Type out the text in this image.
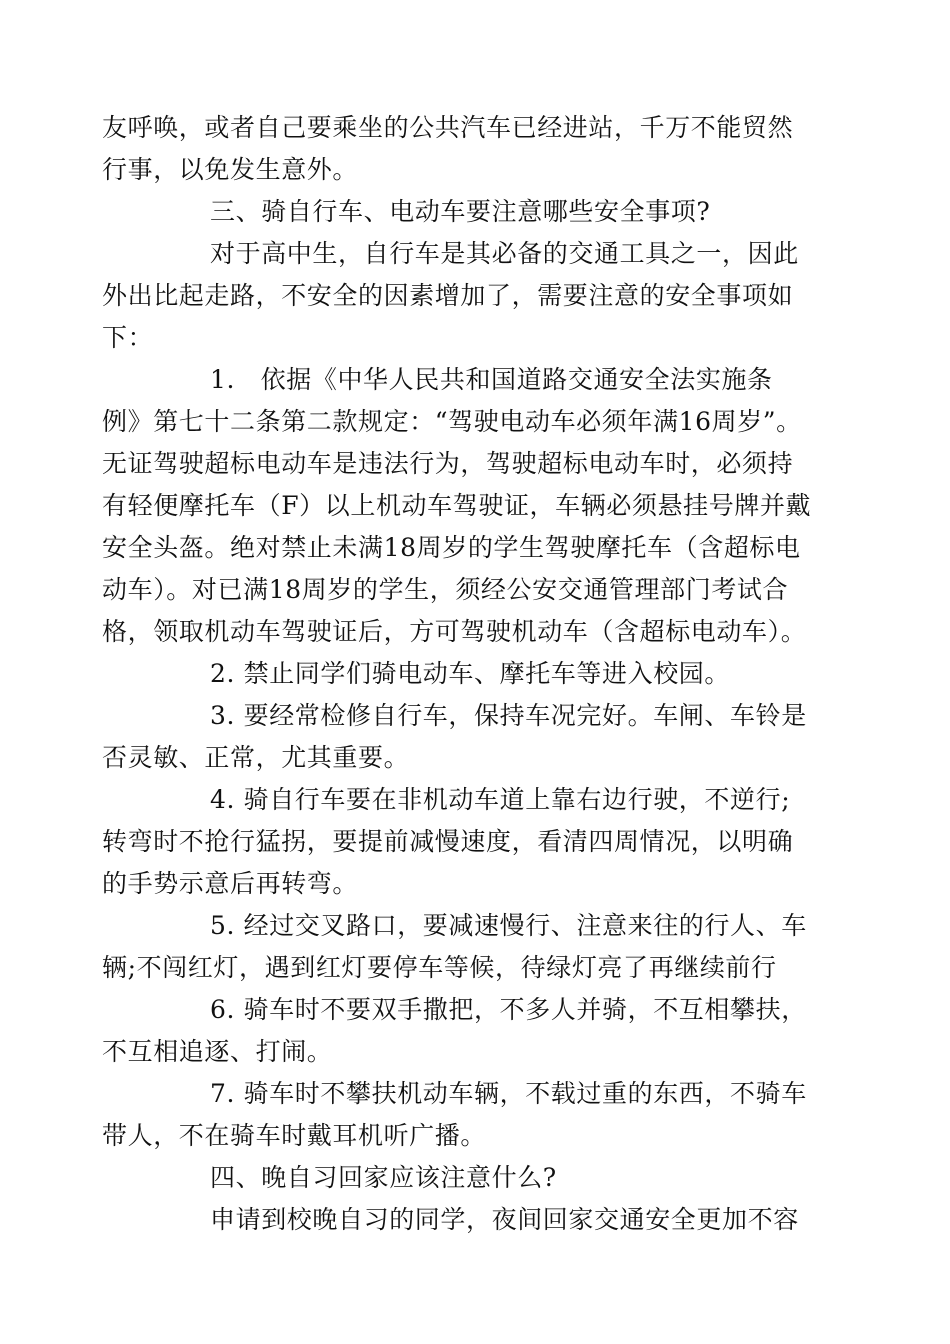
友呼唤，或者自己要乘坐的公共汽车已经进站，千万不能贸然
行事，以免发生意外。
三、骑自行车、电动车要注意哪些安全事项?
对于高中生，自行车是其必备的交通工具之一，因此
外出比起走路，不安全的因素增加了，需要注意的安全事项如
下：
1.　依据《中华人民共和国道路交通安全法实施条
例》第七十二条第二款规定：“驾驶电动车必须年满16周岁”。
无证驾驶超标电动车是违法行为，驾驶超标电动车时，必须持
有轻便摩托车（F）以上机动车驾驶证，车辆必须悬挂号牌并戴
安全头盔。绝对禁止未满18周岁的学生驾驶摩托车（含超标电
动车）。对已满18周岁的学生，须经公安交通管理部门考试合
格，领取机动车驾驶证后，方可驾驶机动车（含超标电动车）。
2. 禁止同学们骑电动车、摩托车等进入校园。
3. 要经常检修自行车，保持车况完好。车闸、车铃是
否灵敏、正常，尤其重要。
4. 骑自行车要在非机动车道上靠右边行驶，不逆行;
转弯时不抢行猛拐，要提前减慢速度，看清四周情况，以明确
的手势示意后再转弯。
5. 经过交叉路口，要减速慢行、注意来往的行人、车
辆;不闯红灯，遇到红灯要停车等候，待绿灯亮了再继续前行
6. 骑车时不要双手撒把，不多人并骑，不互相攀扶，
不互相追逐、打闹。
7. 骑车时不攀扶机动车辆，不载过重的东西，不骑车
带人，不在骑车时戴耳机听广播。
四、晚自习回家应该注意什么?
申请到校晚自习的同学，夜间回家交通安全更加不容
